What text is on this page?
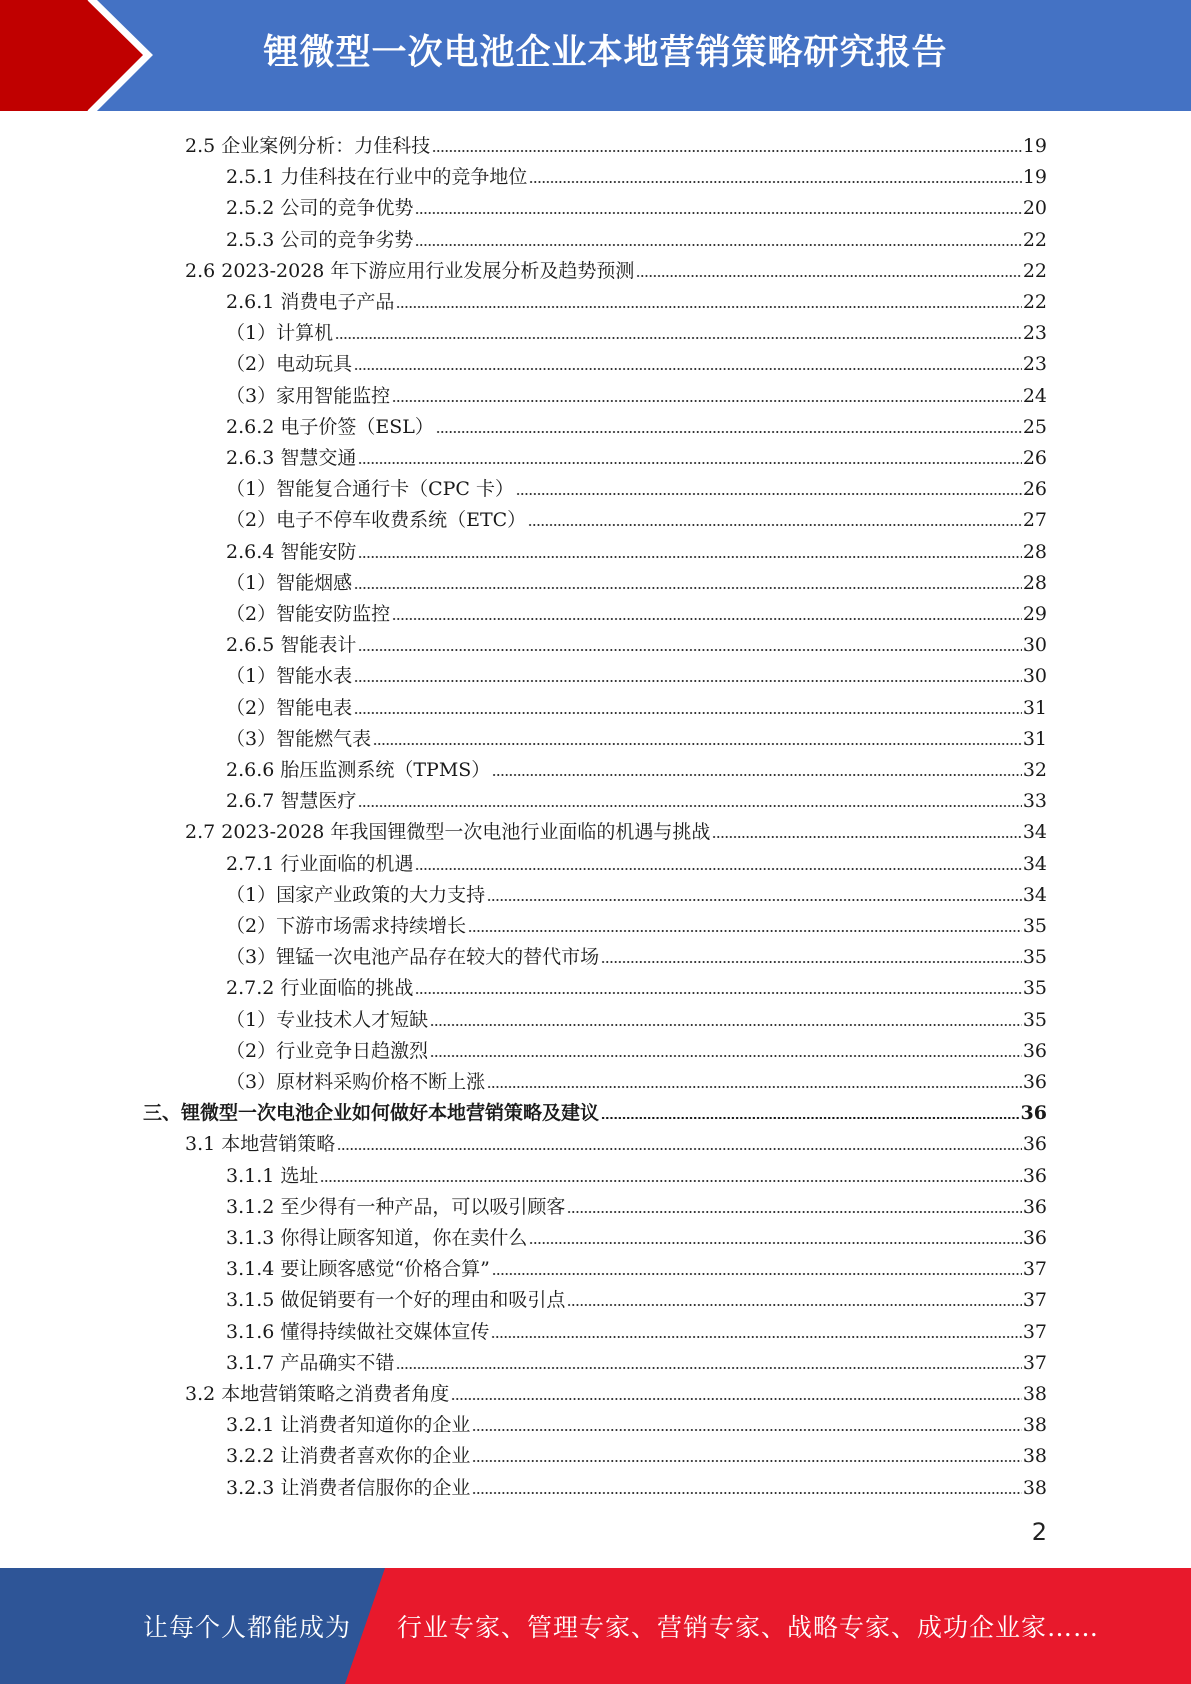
锂微型一次电池企业本地营销策略研究报告
2.5 企业案例分析：力佳科技	19
2.5.1 力佳科技在行业中的竞争地位	19
2.5.2 公司的竞争优势	20
2.5.3 公司的竞争劣势	22
2.6 2023-2028 年下游应用行业发展分析及趋势预测	22
2.6.1 消费电子产品	22
（1）计算机	23
（2）电动玩具	23
（3）家用智能监控	24
2.6.2 电子价签（ESL）	25
2.6.3 智慧交通	26
（1）智能复合通行卡（CPC 卡）	26
（2）电子不停车收费系统（ETC）	27
2.6.4 智能安防	28
（1）智能烟感	28
（2）智能安防监控	29
2.6.5 智能表计	30
（1）智能水表	30
（2）智能电表	31
（3）智能燃气表	31
2.6.6 胎压监测系统（TPMS）	32
2.6.7 智慧医疗	33
2.7 2023-2028 年我国锂微型一次电池行业面临的机遇与挑战	34
2.7.1 行业面临的机遇	34
（1）国家产业政策的大力支持	34
（2）下游市场需求持续增长	35
（3）锂锰一次电池产品存在较大的替代市场	35
2.7.2 行业面临的挑战	35
（1）专业技术人才短缺	35
（2）行业竞争日趋激烈	36
（3）原材料采购价格不断上涨	36
三、锂微型一次电池企业如何做好本地营销策略及建议	36
3.1 本地营销策略	36
3.1.1 选址	36
3.1.2 至少得有一种产品，可以吸引顾客	36
3.1.3 你得让顾客知道，你在卖什么	36
3.1.4 要让顾客感觉“价格合算”	37
3.1.5 做促销要有一个好的理由和吸引点	37
3.1.6 懂得持续做社交媒体宣传	37
3.1.7 产品确实不错	37
3.2 本地营销策略之消费者角度	38
3.2.1 让消费者知道你的企业	38
3.2.2 让消费者喜欢你的企业	38
3.2.3 让消费者信服你的企业	38
2
让每个人都能成为 行业专家、管理专家、营销专家、战略专家、成功企业家……
